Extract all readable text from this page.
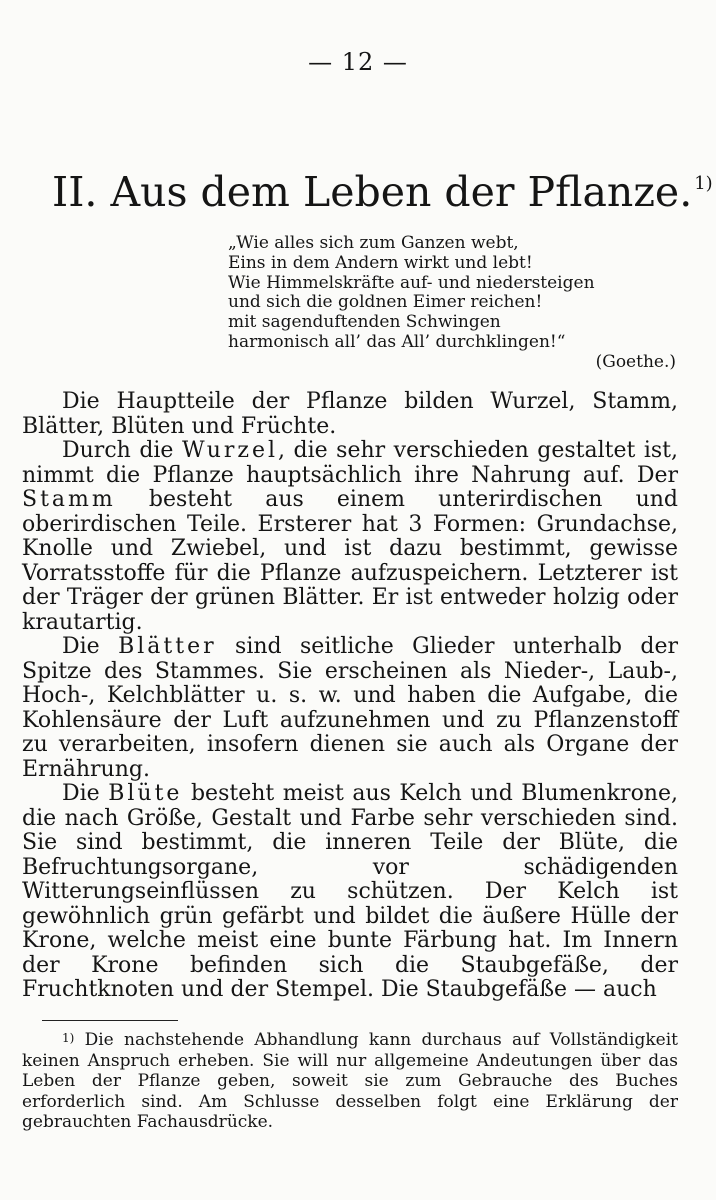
— 12 —
II. Aus dem Leben der Pflanze. $^{1)}$
„Wie alles sich zum Ganzen webt,
Eins in dem Andern wirkt und lebt!
Wie Himmelskräfte auf- und niedersteigen
und sich die goldnen Eimer reichen!
mit sagenduftenden Schwingen
harmonisch all’ das All’ durchklingen!“
(Goethe.)

Die Hauptteile der Pflanze bilden Wurzel, Stamm, Blätter, Blüten und Früchte.

Durch die Wurzel, die sehr verschieden gestaltet ist, nimmt die Pflanze hauptsächlich ihre Nahrung auf. Der Stamm besteht aus einem unterirdischen und oberirdischen Teile. Ersterer hat 3 Formen: Grundachse, Knolle und Zwiebel, und ist dazu bestimmt, gewisse Vorratsstoffe für die Pflanze aufzuspeichern. Letzterer ist der Träger der grünen Blätter. Er ist entweder holzig oder krautartig.

Die Blätter sind seitliche Glieder unterhalb der Spitze des Stammes. Sie erscheinen als Nieder-, Laub-, Hoch-, Kelchblätter u. s. w. und haben die Aufgabe, die Kohlensäure der Luft aufzunehmen und zu Pflanzenstoff zu verarbeiten, insofern dienen sie auch als Organe der Ernährung.

Die Blüte besteht meist aus Kelch und Blumenkrone, die nach Größe, Gestalt und Farbe sehr verschieden sind. Sie sind bestimmt, die inneren Teile der Blüte, die Befruchtungsorgane, vor schädigenden Witterungseinflüssen zu schützen. Der Kelch ist gewöhnlich grün gefärbt und bildet die äußere Hülle der Krone, welche meist eine bunte Färbung hat. Im Innern der Krone befinden sich die Staubgefäße, der Fruchtknoten und der Stempel. Die Staubgefäße — auch

$^{1)}$ Die nachstehende Abhandlung kann durchaus auf Vollständigkeit keinen Anspruch erheben. Sie will nur allgemeine Andeutungen über das Leben der Pflanze geben, soweit sie zum Gebrauche des Buches erforderlich sind. Am Schlusse desselben folgt eine Erklärung der gebrauchten Fachausdrücke.
